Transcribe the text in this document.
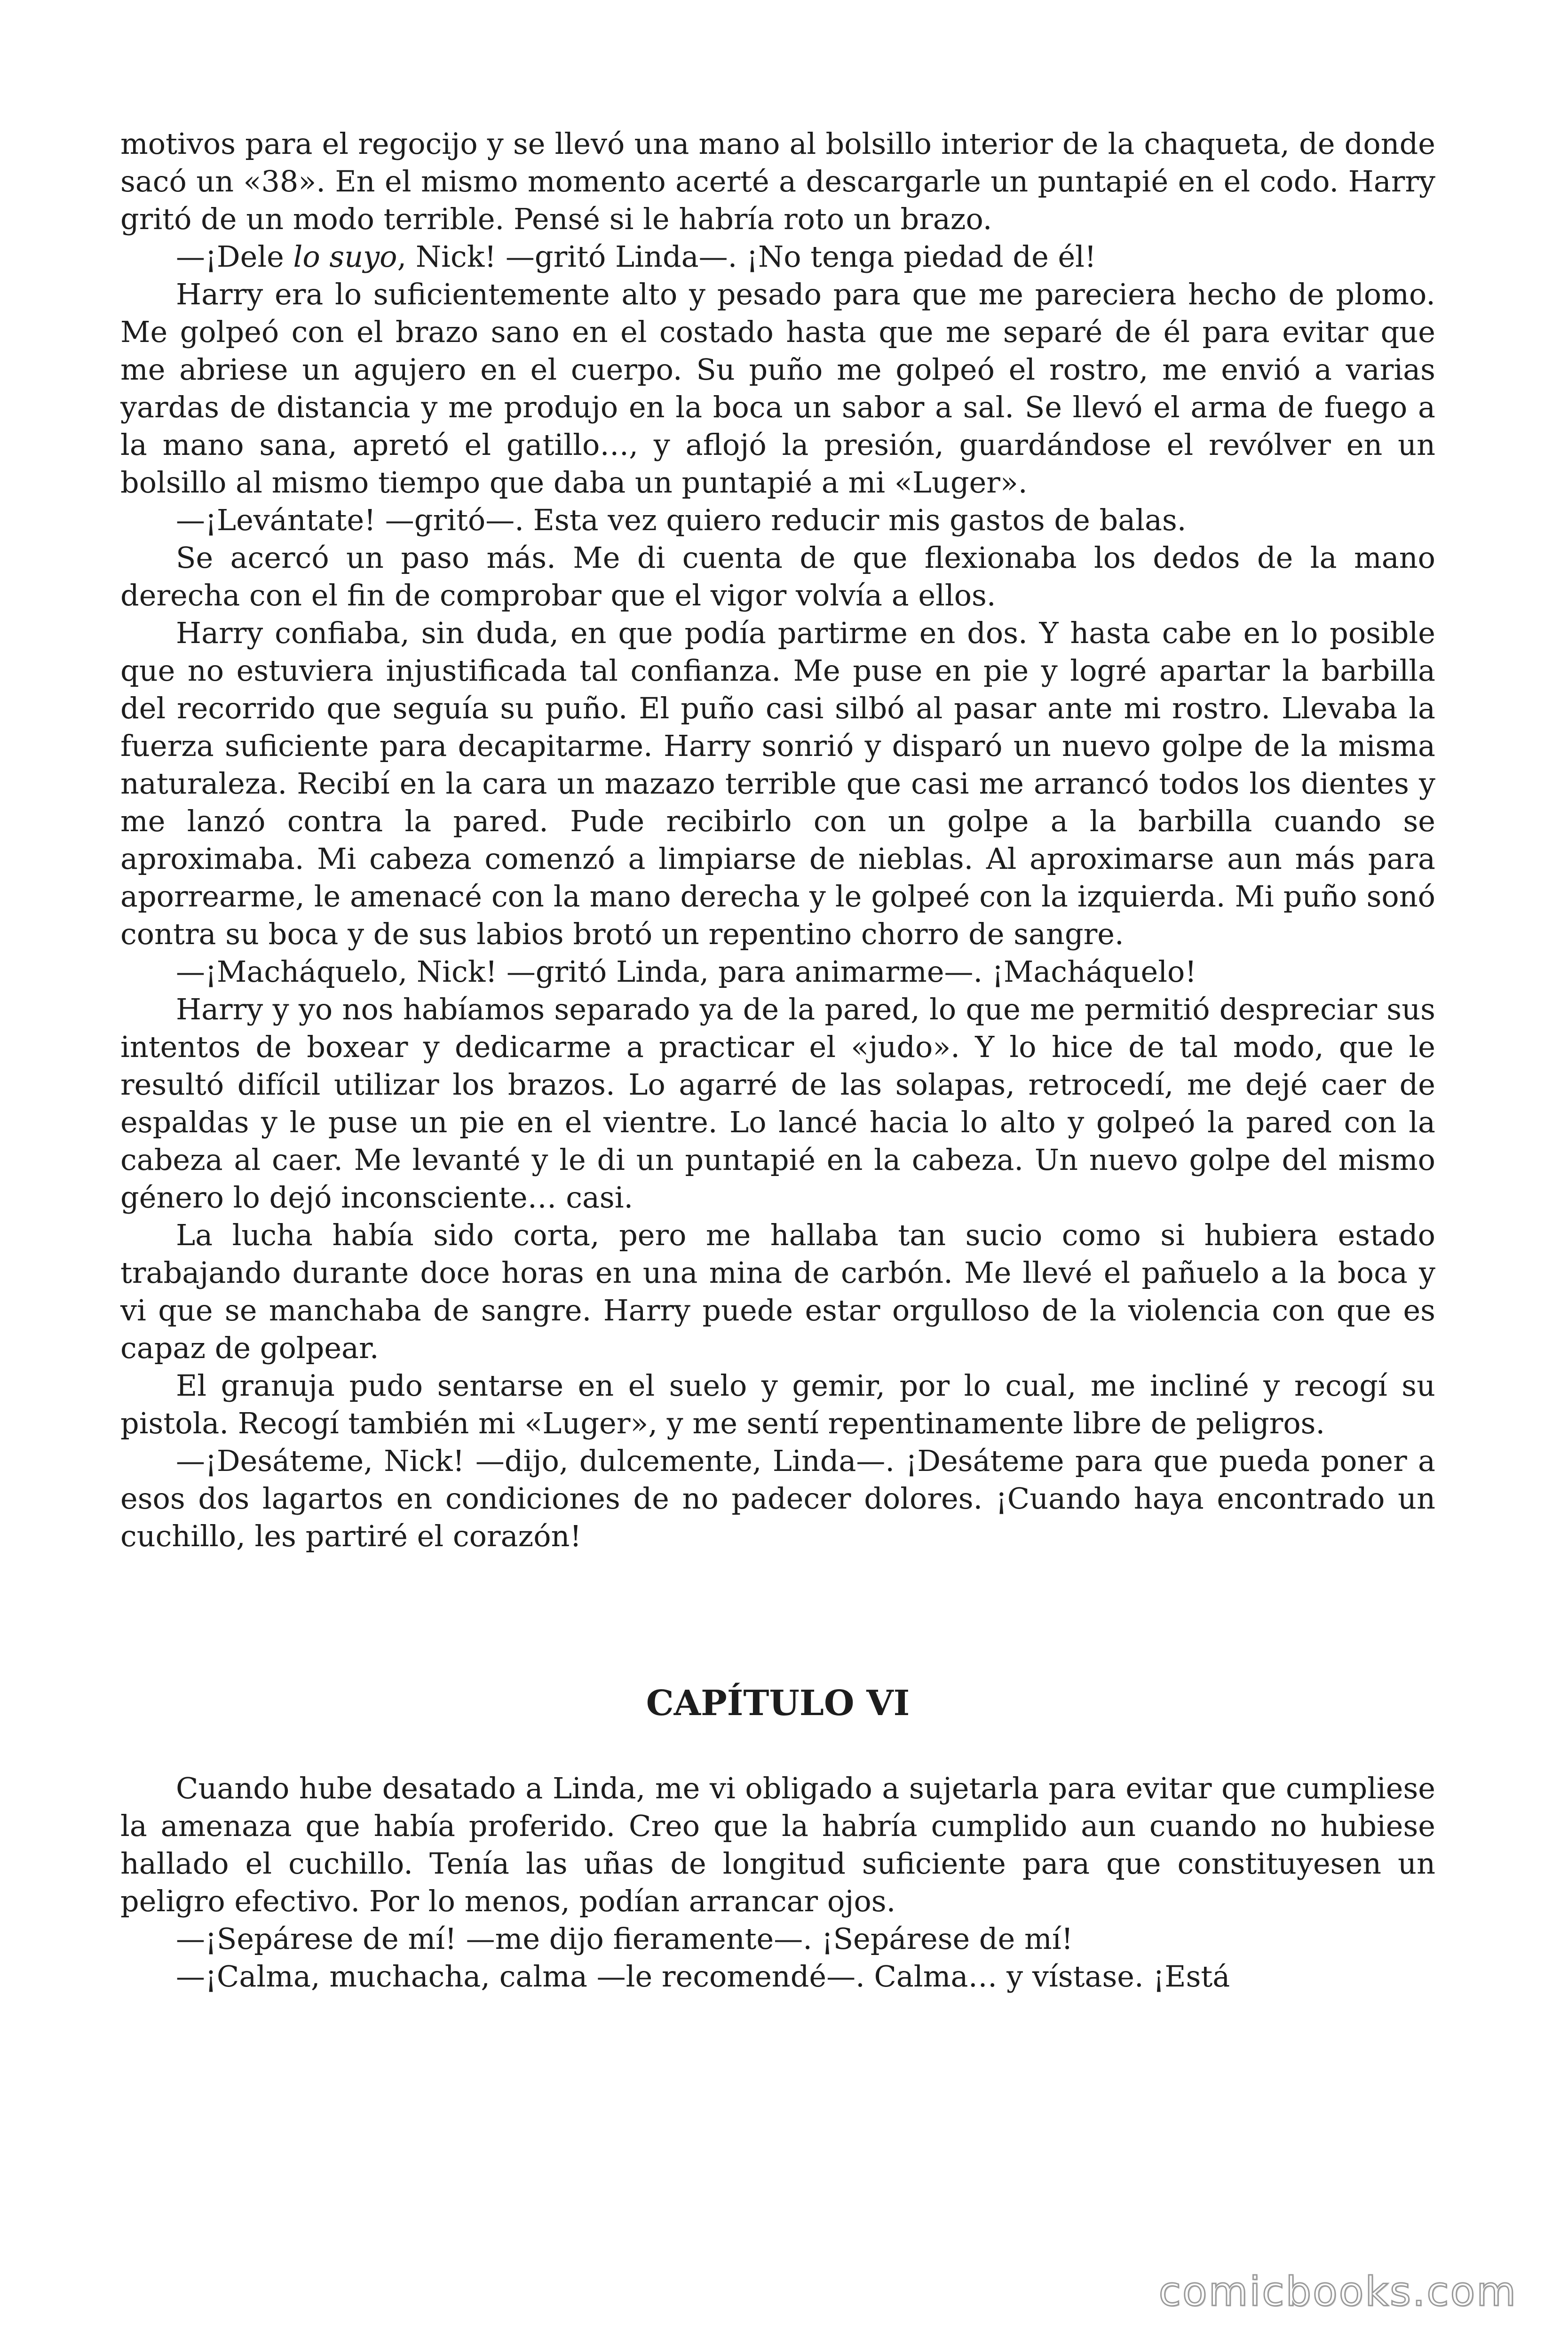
motivos para el regocijo y se llevó una mano al bolsillo interior de la chaqueta, de donde sacó un «38». En el mismo momento acerté a descargarle un puntapié en el codo. Harry gritó de un modo terrible. Pensé si le habría roto un brazo.

—¡Dele lo suyo, Nick! —gritó Linda—. ¡No tenga piedad de él!

Harry era lo suficientemente alto y pesado para que me pareciera hecho de plomo. Me golpeó con el brazo sano en el costado hasta que me separé de él para evitar que me abriese un agujero en el cuerpo. Su puño me golpeó el rostro, me envió a varias yardas de distancia y me produjo en la boca un sabor a sal. Se llevó el arma de fuego a la mano sana, apretó el gatillo…, y aflojó la presión, guardándose el revólver en un bolsillo al mismo tiempo que daba un puntapié a mi «Luger».

—¡Levántate! —gritó—. Esta vez quiero reducir mis gastos de balas.

Se acercó un paso más. Me di cuenta de que flexionaba los dedos de la mano derecha con el fin de comprobar que el vigor volvía a ellos.

Harry confiaba, sin duda, en que podía partirme en dos. Y hasta cabe en lo posible que no estuviera injustificada tal confianza. Me puse en pie y logré apartar la barbilla del recorrido que seguía su puño. El puño casi silbó al pasar ante mi rostro. Llevaba la fuerza suficiente para decapitarme. Harry sonrió y disparó un nuevo golpe de la misma naturaleza. Recibí en la cara un mazazo terrible que casi me arrancó todos los dientes y me lanzó contra la pared. Pude recibirlo con un golpe a la barbilla cuando se aproximaba. Mi cabeza comenzó a limpiarse de nieblas. Al aproximarse aun más para aporrearme, le amenacé con la mano derecha y le golpeé con la izquierda. Mi puño sonó contra su boca y de sus labios brotó un repentino chorro de sangre.

—¡Macháquelo, Nick! —gritó Linda, para animarme—. ¡Macháquelo!

Harry y yo nos habíamos separado ya de la pared, lo que me permitió despreciar sus intentos de boxear y dedicarme a practicar el «judo». Y lo hice de tal modo, que le resultó difícil utilizar los brazos. Lo agarré de las solapas, retrocedí, me dejé caer de espaldas y le puse un pie en el vientre. Lo lancé hacia lo alto y golpeó la pared con la cabeza al caer. Me levanté y le di un puntapié en la cabeza. Un nuevo golpe del mismo género lo dejó inconsciente… casi.

La lucha había sido corta, pero me hallaba tan sucio como si hubiera estado trabajando durante doce horas en una mina de carbón. Me llevé el pañuelo a la boca y vi que se manchaba de sangre. Harry puede estar orgulloso de la violencia con que es capaz de golpear.

El granuja pudo sentarse en el suelo y gemir, por lo cual, me incliné y recogí su pistola. Recogí también mi «Luger», y me sentí repentinamente libre de peligros.

—¡Desáteme, Nick! —dijo, dulcemente, Linda—. ¡Desáteme para que pueda poner a esos dos lagartos en condiciones de no padecer dolores. ¡Cuando haya encontrado un cuchillo, les partiré el corazón!

CAPÍTULO VI

Cuando hube desatado a Linda, me vi obligado a sujetarla para evitar que cumpliese la amenaza que había proferido. Creo que la habría cumplido aun cuando no hubiese hallado el cuchillo. Tenía las uñas de longitud suficiente para que constituyesen un peligro efectivo. Por lo menos, podían arrancar ojos.

—¡Sepárese de mí! —me dijo fieramente—. ¡Sepárese de mí!

—¡Calma, muchacha, calma —le recomendé—. Calma… y vístase. ¡Está

comicbooks.com
